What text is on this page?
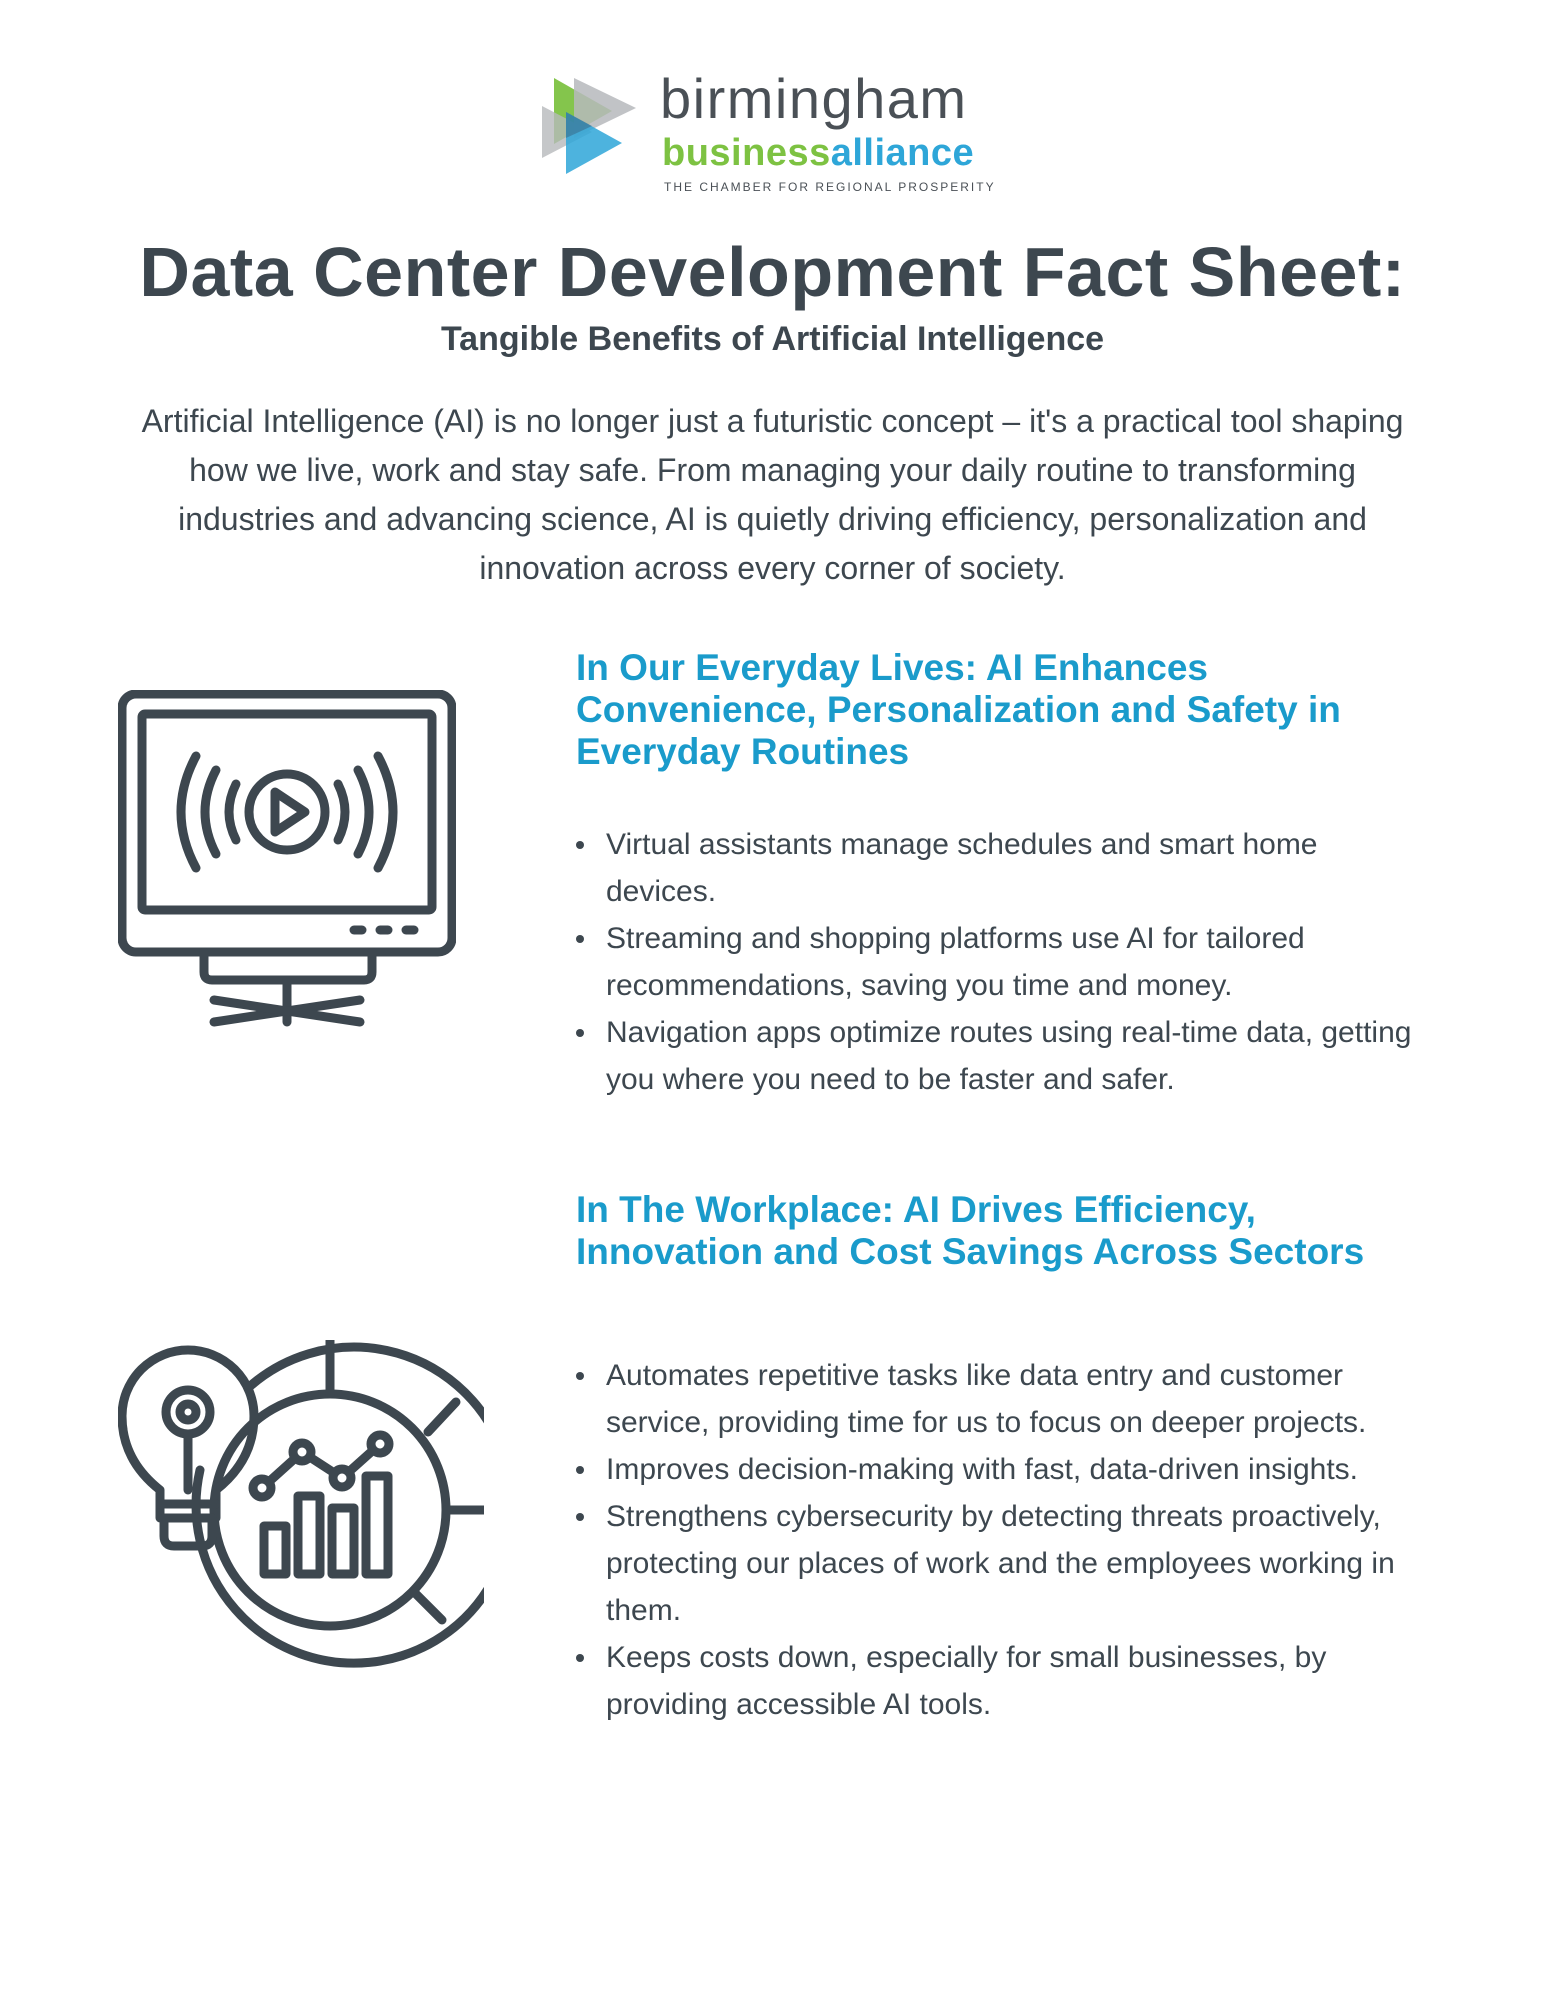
birmingham
businessalliance
THE CHAMBER FOR REGIONAL PROSPERITY
Data Center Development Fact Sheet:
Tangible Benefits of Artificial Intelligence

Artificial Intelligence (AI) is no longer just a futuristic concept – it's a practical tool shaping how we live, work and stay safe. From managing your daily routine to transforming industries and advancing science, AI is quietly driving efficiency, personalization and innovation across every corner of society.

In Our Everyday Lives: AI Enhances Convenience, Personalization and Safety in Everyday Routines
Virtual assistants manage schedules and smart home devices.
Streaming and shopping platforms use AI for tailored recommendations, saving you time and money.
Navigation apps optimize routes using real-time data, getting you where you need to be faster and safer.
In The Workplace: AI Drives Efficiency, Innovation and Cost Savings Across Sectors
Automates repetitive tasks like data entry and customer service, providing time for us to focus on deeper projects.
Improves decision-making with fast, data-driven insights.
Strengthens cybersecurity by detecting threats proactively, protecting our places of work and the employees working in them.
Keeps costs down, especially for small businesses, by providing accessible AI tools.
